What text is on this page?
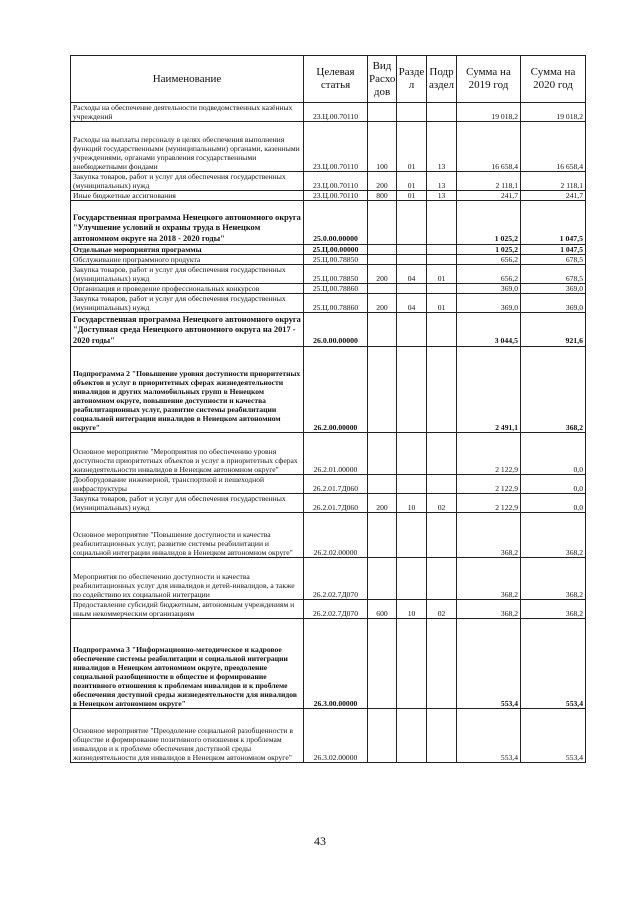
Наименование	Целевая статья	Вид Расхо дов	Разде л	Подр аздел	Сумма на 2019 год	Сумма на 2020 год
Расходы на обеспечение деятельности подведомственных казённых учреждений	23.Ц.00.70110				19 018,2	19 018,2
Расходы на выплаты персоналу в целях обеспечения выполнения функций государственными (муниципальными) органами, казенными учреждениями, органами управления государственными внебюджетными фондами	23.Ц.00.70110	100	01	13	16 658,4	16 658,4
Закупка товаров, работ и услуг для обеспечения государственных (муниципальных) нужд	23.Ц.00.70110	200	01	13	2 118,1	2 118,1
Иные бюджетные ассигнования	23.Ц.00.70110	800	01	13	241,7	241,7
Государственная программа Ненецкого автономного округа "Улучшение условий и охраны труда в Ненецком автономном округе на 2018 - 2020 годы"	25.0.00.00000				1 025,2	1 047,5
Отдельные мероприятия программы	25.Ц.00.00000				1 025,2	1 047,5
Обслуживание программного продукта	25.Ц.00.78850				656,2	678,5
Закупка товаров, работ и услуг для обеспечения государственных (муниципальных) нужд	25.Ц.00.78850	200	04	01	656,2	678,5
Организация и проведение профессиональных конкурсов	25.Ц.00.78860				369,0	369,0
Закупка товаров, работ и услуг для обеспечения государственных (муниципальных) нужд	25.Ц.00.78860	200	04	01	369,0	369,0
Государственная программа Ненецкого автономного округа "Доступная среда Ненецкого автономного округа на 2017 - 2020 годы"	26.0.00.00000				3 044,5	921,6
Подпрограмма 2 "Повышение уровня доступности приоритетных объектов и услуг в приоритетных сферах жизнедеятельности инвалидов и других маломобильных групп в Ненецком автономном округе, повышение доступности и качества реабилитационных услуг, развитие системы реабилитации социальной интеграции инвалидов в Ненецком автономном округе"	26.2.00.00000				2 491,1	368,2
Основное мероприятие "Мероприятия по обеспечению уровня доступности приоритетных объектов и услуг в приоритетных сферах жизнедеятельности инвалидов в Ненецком автономном округе"	26.2.01.00000				2 122,9	0,0
Дооборудование инженерной, транспортной и пешеходной инфраструктуры	26.2.01.7Д060				2 122,9	0,0
Закупка товаров, работ и услуг для обеспечения государственных (муниципальных) нужд	26.2.01.7Д060	200	10	02	2 122,9	0,0
Основное мероприятие "Повышение доступности и качества реабилитационных услуг, развитие системы реабилитации и социальной интеграции инвалидов в Ненецком автономном округе"	26.2.02.00000				368,2	368,2
Мероприятия по обеспечению доступности и качества реабилитационных услуг для инвалидов и детей-инвалидов, а также по содействию их социальной интеграции	26.2.02.7Д070				368,2	368,2
Предоставление субсидий бюджетным, автономным учреждениям и иным некоммерческим организациям	26.2.02.7Д070	600	10	02	368,2	368,2
Подпрограмма 3 "Информационно-методическое и кадровое обеспечение системы реабилитации и социальной интеграции инвалидов в Ненецком автономном округе, преодоление социальной разобщенности в обществе и формирование позитивного отношения к проблемам инвалидов и к проблеме обеспечения доступной среды жизнедеятельности для инвалидов в Ненецком автономном округе"	26.3.00.00000				553,4	553,4
Основное мероприятие "Преодоление социальной разобщенности в обществе и формирование позитивного отношения к проблемам инвалидов и к проблеме обеспечения доступной среды жизнедеятельности для инвалидов в Ненецком автономном округе"	26.3.02.00000				553,4	553,4
43
